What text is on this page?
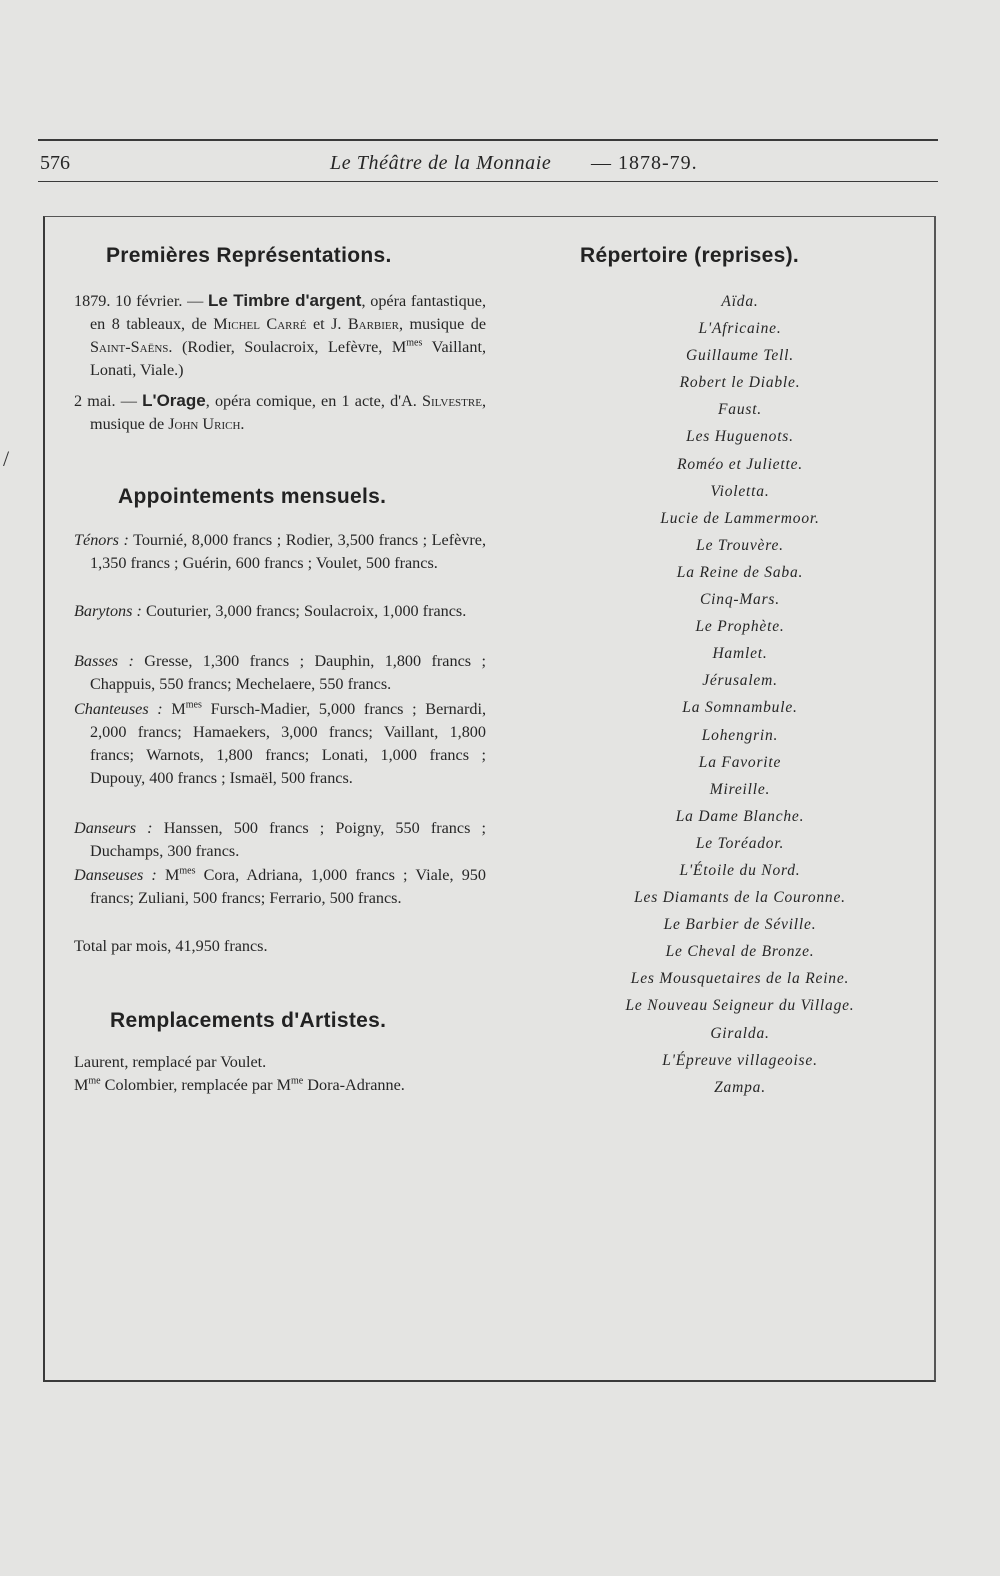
576	Le Théâtre de la Monnaie — 1878-79.
/
Premières Représentations.
1879. 10 février. — Le Timbre d'argent, opéra fantastique, en 8 tableaux, de Michel Carré et J. Barbier, musique de Saint-Saëns. (Rodier, Soulacroix, Lefèvre, $M^{mes}$ Vaillant, Lonati, Viale.)
2 mai. — L'Orage, opéra comique, en 1 acte, d'A. Silvestre, musique de John Urich.
Appointements mensuels.
Ténors : Tournié, 8,000 francs ; Rodier, 3,500 francs ; Lefèvre, 1,350 francs ; Guérin, 600 francs ; Voulet, 500 francs.
Barytons : Couturier, 3,000 francs; Soulacroix, 1,000 francs.
Basses : Gresse, 1,300 francs ; Dauphin, 1,800 francs ; Chappuis, 550 francs; Mechelaere, 550 francs.
Chanteuses : $M^{mes}$ Fursch-Madier, 5,000 francs ; Bernardi, 2,000 francs; Hamaekers, 3,000 francs; Vaillant, 1,800 francs; Warnots, 1,800 francs; Lonati, 1,000 francs ; Dupouy, 400 francs ; Ismaël, 500 francs.
Danseurs : Hanssen, 500 francs ; Poigny, 550 francs ; Duchamps, 300 francs.
Danseuses : $M^{mes}$ Cora, Adriana, 1,000 francs ; Viale, 950 francs; Zuliani, 500 francs; Ferrario, 500 francs.
Total par mois, 41,950 francs.
Remplacements d'Artistes.
Laurent, remplacé par Voulet.
$M^{me}$ Colombier, remplacée par $M^{me}$ Dora-Adranne.
Répertoire (reprises).
Aïda.
L'Africaine.
Guillaume Tell.
Robert le Diable.
Faust.
Les Huguenots.
Roméo et Juliette.
Violetta.
Lucie de Lammermoor.
Le Trouvère.
La Reine de Saba.
Cinq-Mars.
Le Prophète.
Hamlet.
Jérusalem.
La Somnambule.
Lohengrin.
La Favorite
Mireille.
La Dame Blanche.
Le Toréador.
L'Étoile du Nord.
Les Diamants de la Couronne.
Le Barbier de Séville.
Le Cheval de Bronze.
Les Mousquetaires de la Reine.
Le Nouveau Seigneur du Village.
Giralda.
L'Épreuve villageoise.
Zampa.
